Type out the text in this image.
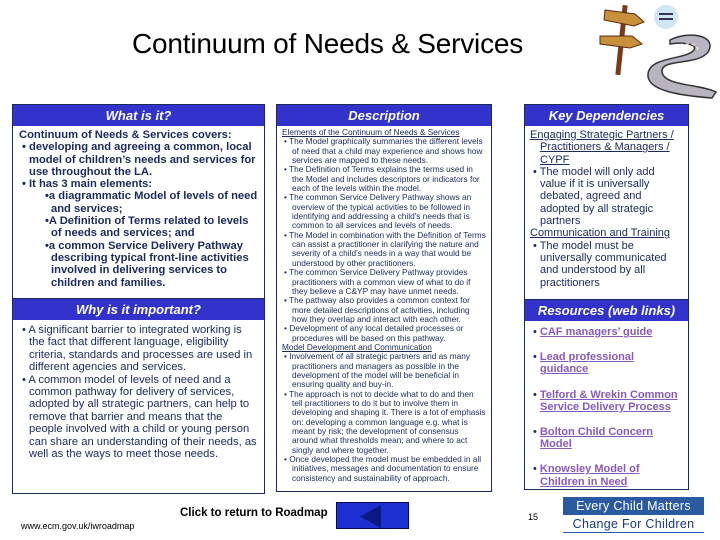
Continuum of Needs & Services
What is it?
Continuum of Needs & Services covers:
• developing and agreeing a common, local model of children’s needs and services for use throughout the LA.
• It has 3 main elements:
•a diagrammatic Model of levels of need and services;
•A Definition of Terms related to levels of needs and services; and
•a common Service Delivery Pathway describing typical front-line activities involved in delivering services to children and families.
Why is it important?
• A significant barrier to integrated working is the fact that different language, eligibility criteria, standards and processes are used in different agencies and services.
• A common model of levels of need and a common pathway for delivery of services, adopted by all strategic partners, can help to remove that barrier and means that the people involved with a child or young person can share an understanding of their needs, as well as the ways to meet those needs.
Description
Elements of the Continuum of Needs & Services
• The Model graphically summaries the different levels of need that a child may experience and shows how services are mapped to these needs.
• The Definition of Terms explains the terms used in the Model and includes descriptors or indicators for each of the levels within the model.
• The common Service Delivery Pathway shows an overview of the typical activities to be followed in identifying and addressing a child's needs that is common to all services and levels of needs.
• The Model in combination with the Definition of Terms can assist a practitioner in clarifying the nature and severity of a child's needs in a way that would be understood by other practitioners.
• The common Service Delivery Pathway provides practitioners with a common view of what to do if they believe a C&YP may have unmet needs.
• The pathway also provides a common context for more detailed descriptions of activities, including how they overlap and interact with each other.
• Development of any local detailed processes or procedures will be based on this pathway.
Model Development and Communication
• Involvement of all strategic partners and as many practitioners and managers as possible in the development of the model will be beneficial in ensuring quality and buy-in.
• The approach is not to decide what to do and then tell practitioners to do it but to involve them in developing and shaping it. There is a lot of emphasis on: developing a common language e.g. what is meant by risk; the development of consensus around what thresholds mean; and where to act singly and where together.
• Once developed the model must be embedded in all initiatives, messages and documentation to ensure consistency and sustainability of approach.
Key Dependencies
Engaging Strategic Partners / Practitioners & Managers / CYPF
• The model will only add value if it is universally debated, agreed and adopted by all strategic partners
Communication and Training
• The model must be universally communicated and understood by all practitioners
Resources (web links)
• CAF managers’ guide
• Lead professional guidance
• Telford & Wrekin Common Service Delivery Process
• Bolton Child Concern Model
• Knowsley Model of Children in Need
www.ecm.gov.uk/iwroadmap
Click to return to Roadmap	15
Every Child Matters
Change For Children
